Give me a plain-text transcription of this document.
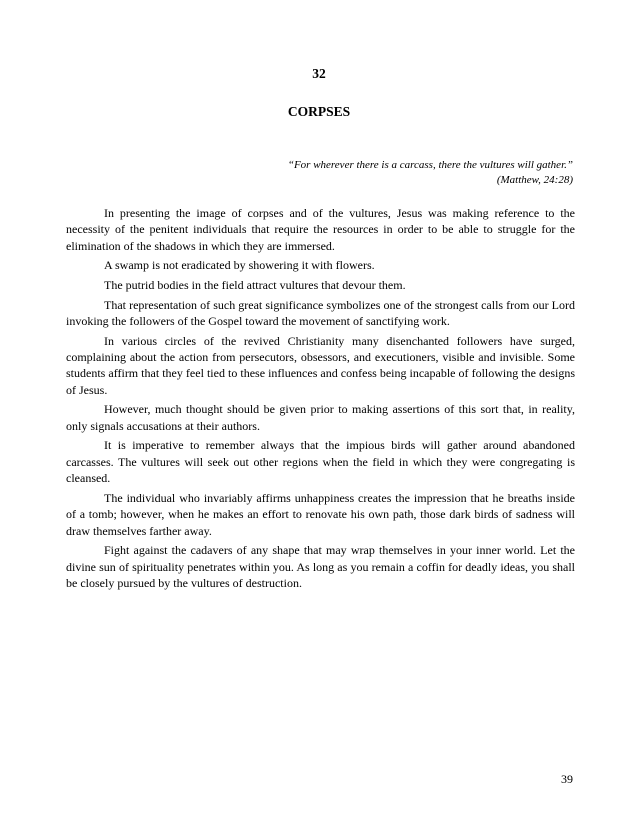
32
CORPSES
“For wherever there is a carcass, there the vultures will gather.”
(Matthew, 24:28)

In presenting the image of corpses and of the vultures, Jesus was making reference to the necessity of the penitent individuals that require the resources in order to be able to struggle for the elimination of the shadows in which they are immersed.

A swamp is not eradicated by showering it with flowers.

The putrid bodies in the field attract vultures that devour them.

That representation of such great significance symbolizes one of the strongest calls from our Lord invoking the followers of the Gospel toward the movement of sanctifying work.

In various circles of the revived Christianity many disenchanted followers have surged, complaining about the action from persecutors, obsessors, and executioners, visible and invisible. Some students affirm that they feel tied to these influences and confess being incapable of following the designs of Jesus.

However, much thought should be given prior to making assertions of this sort that, in reality, only signals accusations at their authors.

It is imperative to remember always that the impious birds will gather around abandoned carcasses. The vultures will seek out other regions when the field in which they were congregating is cleansed.

The individual who invariably affirms unhappiness creates the impression that he breaths inside of a tomb; however, when he makes an effort to renovate his own path, those dark birds of sadness will draw themselves farther away.

Fight against the cadavers of any shape that may wrap themselves in your inner world. Let the divine sun of spirituality penetrates within you. As long as you remain a coffin for deadly ideas, you shall be closely pursued by the vultures of destruction.

39
